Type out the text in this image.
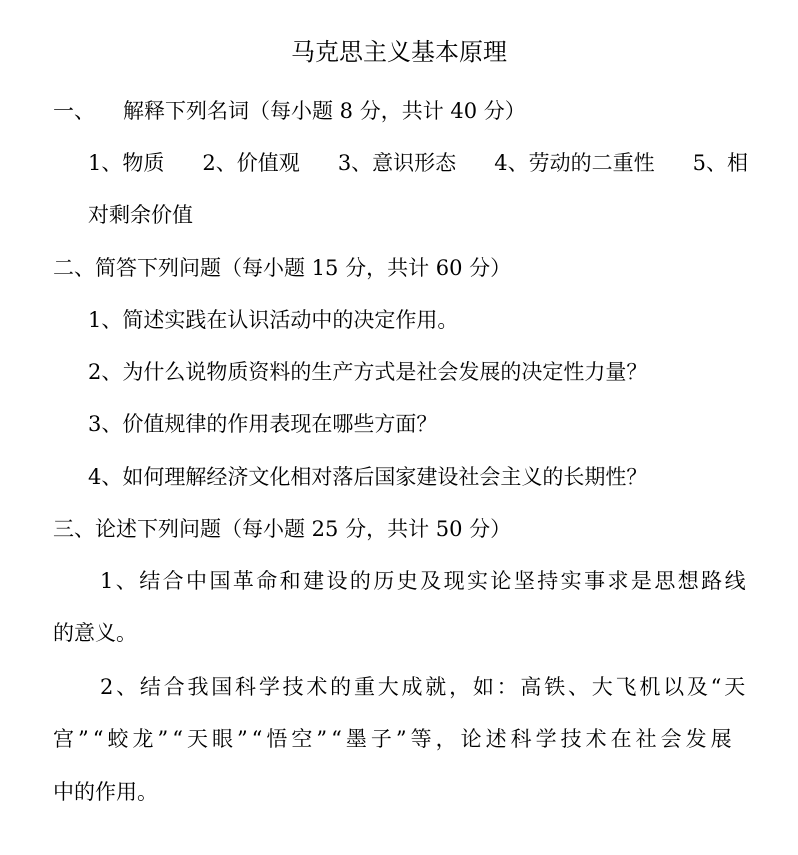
马克思主义基本原理
一、 解释下列名词（每小题 8 分，共计 40 分）
1、物质 2、价值观 3、意识形态 4、劳动的二重性 5、相
对剩余价值
二、简答下列问题（每小题 15 分，共计 60 分）
1、简述实践在认识活动中的决定作用。
2、为什么说物质资料的生产方式是社会发展的决定性力量？
3、价值规律的作用表现在哪些方面？
4、如何理解经济文化相对落后国家建设社会主义的长期性？
三、论述下列问题（每小题 25 分，共计 50 分）
1、结合中国革命和建设的历史及现实论坚持实事求是思想路线
的意义。
2、结合我国科学技术的重大成就，如：高铁、大飞机以及“天
宫”“蛟龙”“天眼”“悟空”“墨子”等，论述科学技术在社会发展
中的作用。
